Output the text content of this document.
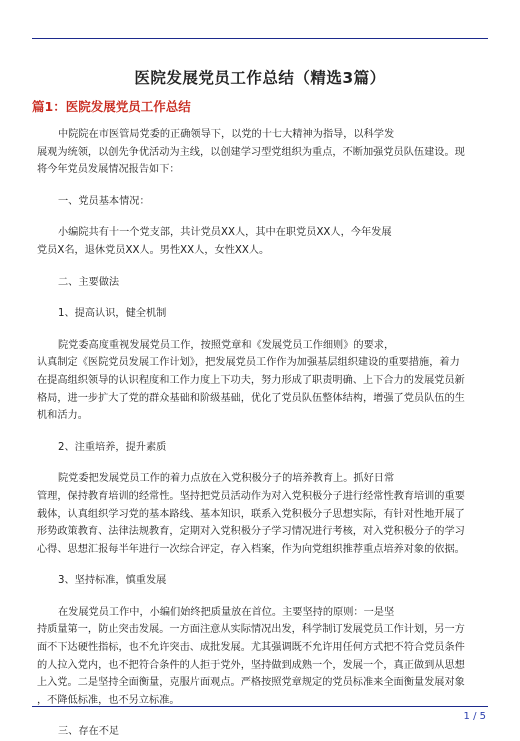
医院发展党员工作总结（精选3篇）
篇1：医院发展党员工作总结

中院院在市医管局党委的正确领导下，以党的十七大精神为指导，以科学发
展观为统领，以创先争优活动为主线，以创建学习型党组织为重点，不断加强党员队伍建设。现
将今年党员发展情况报告如下：

一、党员基本情况：

小编院共有十一个党支部，共计党员XX人，其中在职党员XX人，今年发展
党员X名，退休党员XX人。男性XX人，女性XX人。

二、主要做法

1、提高认识，健全机制

院党委高度重视发展党员工作，按照党章和《发展党员工作细则》的要求，
认真制定《医院党员发展工作计划》，把发展党员工作作为加强基层组织建设的重要措施，着力
在提高组织领导的认识程度和工作力度上下功夫，努力形成了职责明确、上下合力的发展党员新
格局，进一步扩大了党的群众基础和阶级基础，优化了党员队伍整体结构，增强了党员队伍的生
机和活力。

2、注重培养，提升素质

院党委把发展党员工作的着力点放在入党积极分子的培养教育上。抓好日常
管理，保持教育培训的经常性。坚持把党员活动作为对入党积极分子进行经常性教育培训的重要
载体，认真组织学习党的基本路线、基本知识，联系入党积极分子思想实际，有针对性地开展了
形势政策教育、法律法规教育，定期对入党积极分子学习情况进行考核，对入党积极分子的学习
心得、思想汇报每半年进行一次综合评定，存入档案，作为向党组织推荐重点培养对象的依据。

3、坚持标准，慎重发展

在发展党员工作中，小编们始终把质量放在首位。主要坚持的原则：一是坚
持质量第一，防止突击发展。一方面注意从实际情况出发，科学制订发展党员工作计划，另一方
面不下达硬性指标，也不允许突击、成批发展。尤其强调既不允许用任何方式把不符合党员条件
的人拉入党内，也不把符合条件的人拒于党外，坚持做到成熟一个，发展一个，真正做到从思想
上入党。二是坚持全面衡量，克服片面观点。严格按照党章规定的党员标准来全面衡量发展对象
，不降低标准，也不另立标准。

三、存在不足

1 / 5
